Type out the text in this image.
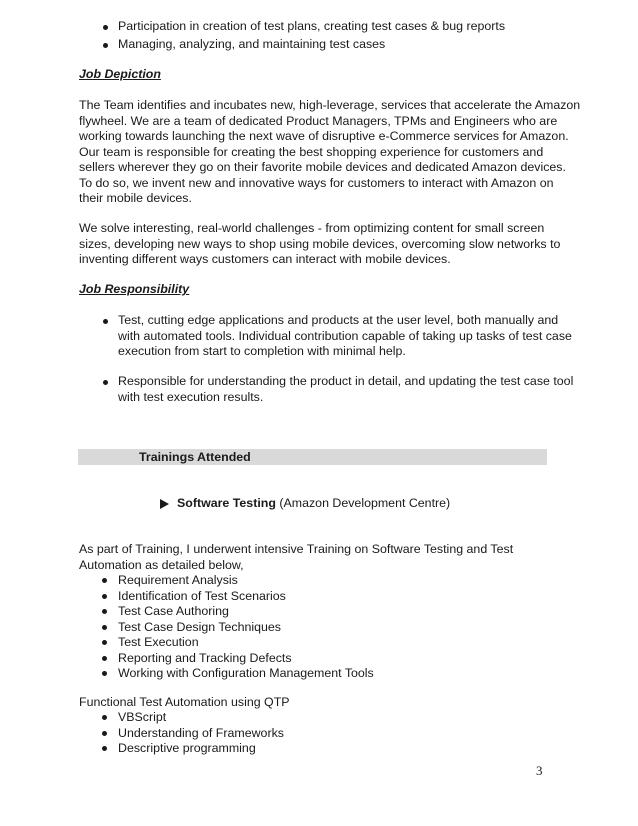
Participation in creation of test plans, creating test cases & bug reports
Managing, analyzing, and maintaining test cases
Job Depiction

The Team identifies and incubates new, high-leverage, services that accelerate the Amazon

flywheel. We are a team of dedicated Product Managers, TPMs and Engineers who are

working towards launching the next wave of disruptive e-Commerce services for Amazon.

Our team is responsible for creating the best shopping experience for customers and

sellers wherever they go on their favorite mobile devices and dedicated Amazon devices.

To do so, we invent new and innovative ways for customers to interact with Amazon on

their mobile devices.

We solve interesting, real-world challenges - from optimizing content for small screen

sizes, developing new ways to shop using mobile devices, overcoming slow networks to

inventing different ways customers can interact with mobile devices.

Job Responsibility

Test, cutting edge applications and products at the user level, both manually and

with automated tools. Individual contribution capable of taking up tasks of test case

execution from start to completion with minimal help.

Responsible for understanding the product in detail, and updating the test case tool

with test execution results.

Trainings Attended
Software Testing (Amazon Development Centre)

As part of Training, I underwent intensive Training on Software Testing and Test

Automation as detailed below,

Requirement Analysis
Identification of Test Scenarios
Test Case Authoring
Test Case Design Techniques
Test Execution
Reporting and Tracking Defects
Working with Configuration Management Tools
Functional Test Automation using QTP
VBScript
Understanding of Frameworks
Descriptive programming
3
